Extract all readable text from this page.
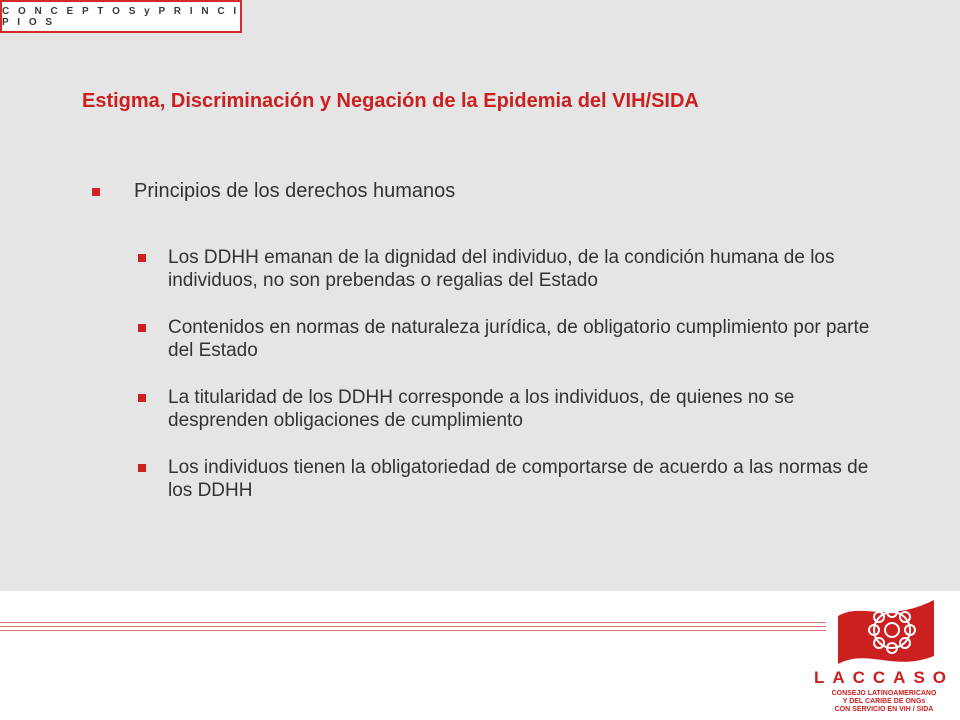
C O N C E P T O S y P R I N C I P I O S
Estigma, Discriminación y Negación de la Epidemia del VIH/SIDA
Principios de los derechos humanos
Los DDHH emanan de la dignidad del individuo, de la condición humana de los individuos, no son prebendas o regalias del Estado
Contenidos en normas de naturaleza jurídica, de obligatorio cumplimiento por parte del Estado
La titularidad de los DDHH corresponde a los individuos, de quienes no se desprenden obligaciones de cumplimiento
Los individuos tienen la obligatoriedad de comportarse de acuerdo a las normas de los DDHH
LACCASO
CONSEJO LATINOAMERICANO
Y DEL CARIBE DE ONGs
CON SERVICIO EN VIH / SIDA
